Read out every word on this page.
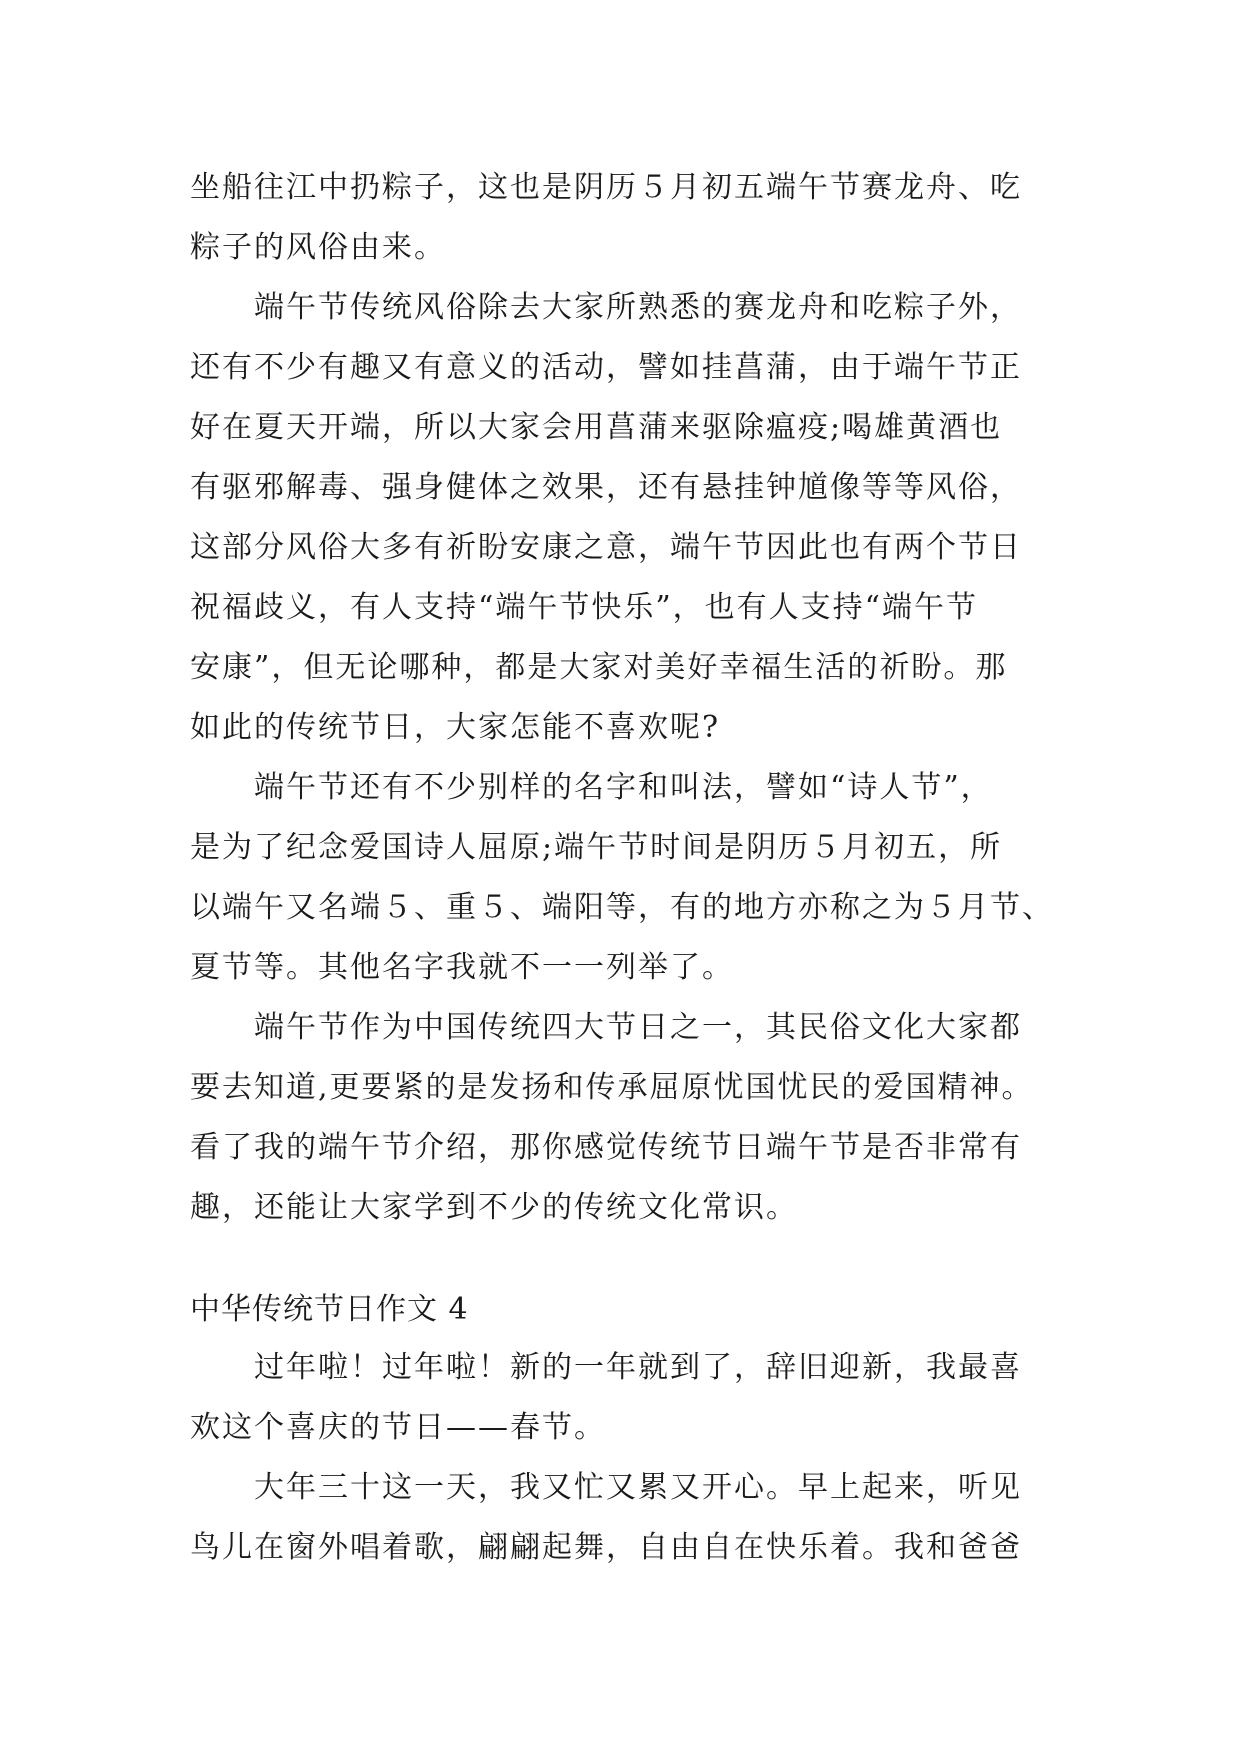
坐船往江中扔粽子，这也是阴历５月初五端午节赛龙舟、吃
粽子的风俗由来。
端午节传统风俗除去大家所熟悉的赛龙舟和吃粽子外，
还有不少有趣又有意义的活动，譬如挂菖蒲，由于端午节正
好在夏天开端，所以大家会用菖蒲来驱除瘟疫;喝雄黄酒也
有驱邪解毒、强身健体之效果，还有悬挂钟馗像等等风俗，
这部分风俗大多有祈盼安康之意，端午节因此也有两个节日
祝福歧义，有人支持“端午节快乐”，也有人支持“端午节
安康”，但无论哪种，都是大家对美好幸福生活的祈盼。那
如此的传统节日，大家怎能不喜欢呢?
端午节还有不少别样的名字和叫法，譬如“诗人节”，
是为了纪念爱国诗人屈原;端午节时间是阴历５月初五，所
以端午又名端５、重５、端阳等，有的地方亦称之为５月节、
夏节等。其他名字我就不一一列举了。
端午节作为中国传统四大节日之一，其民俗文化大家都
要去知道,更要紧的是发扬和传承屈原忧国忧民的爱国精神。
看了我的端午节介绍，那你感觉传统节日端午节是否非常有
趣，还能让大家学到不少的传统文化常识。
中华传统节日作文 4
过年啦！过年啦！新的一年就到了，辞旧迎新，我最喜
欢这个喜庆的节日——春节。
大年三十这一天，我又忙又累又开心。早上起来，听见
鸟儿在窗外唱着歌，翩翩起舞，自由自在快乐着。我和爸爸
